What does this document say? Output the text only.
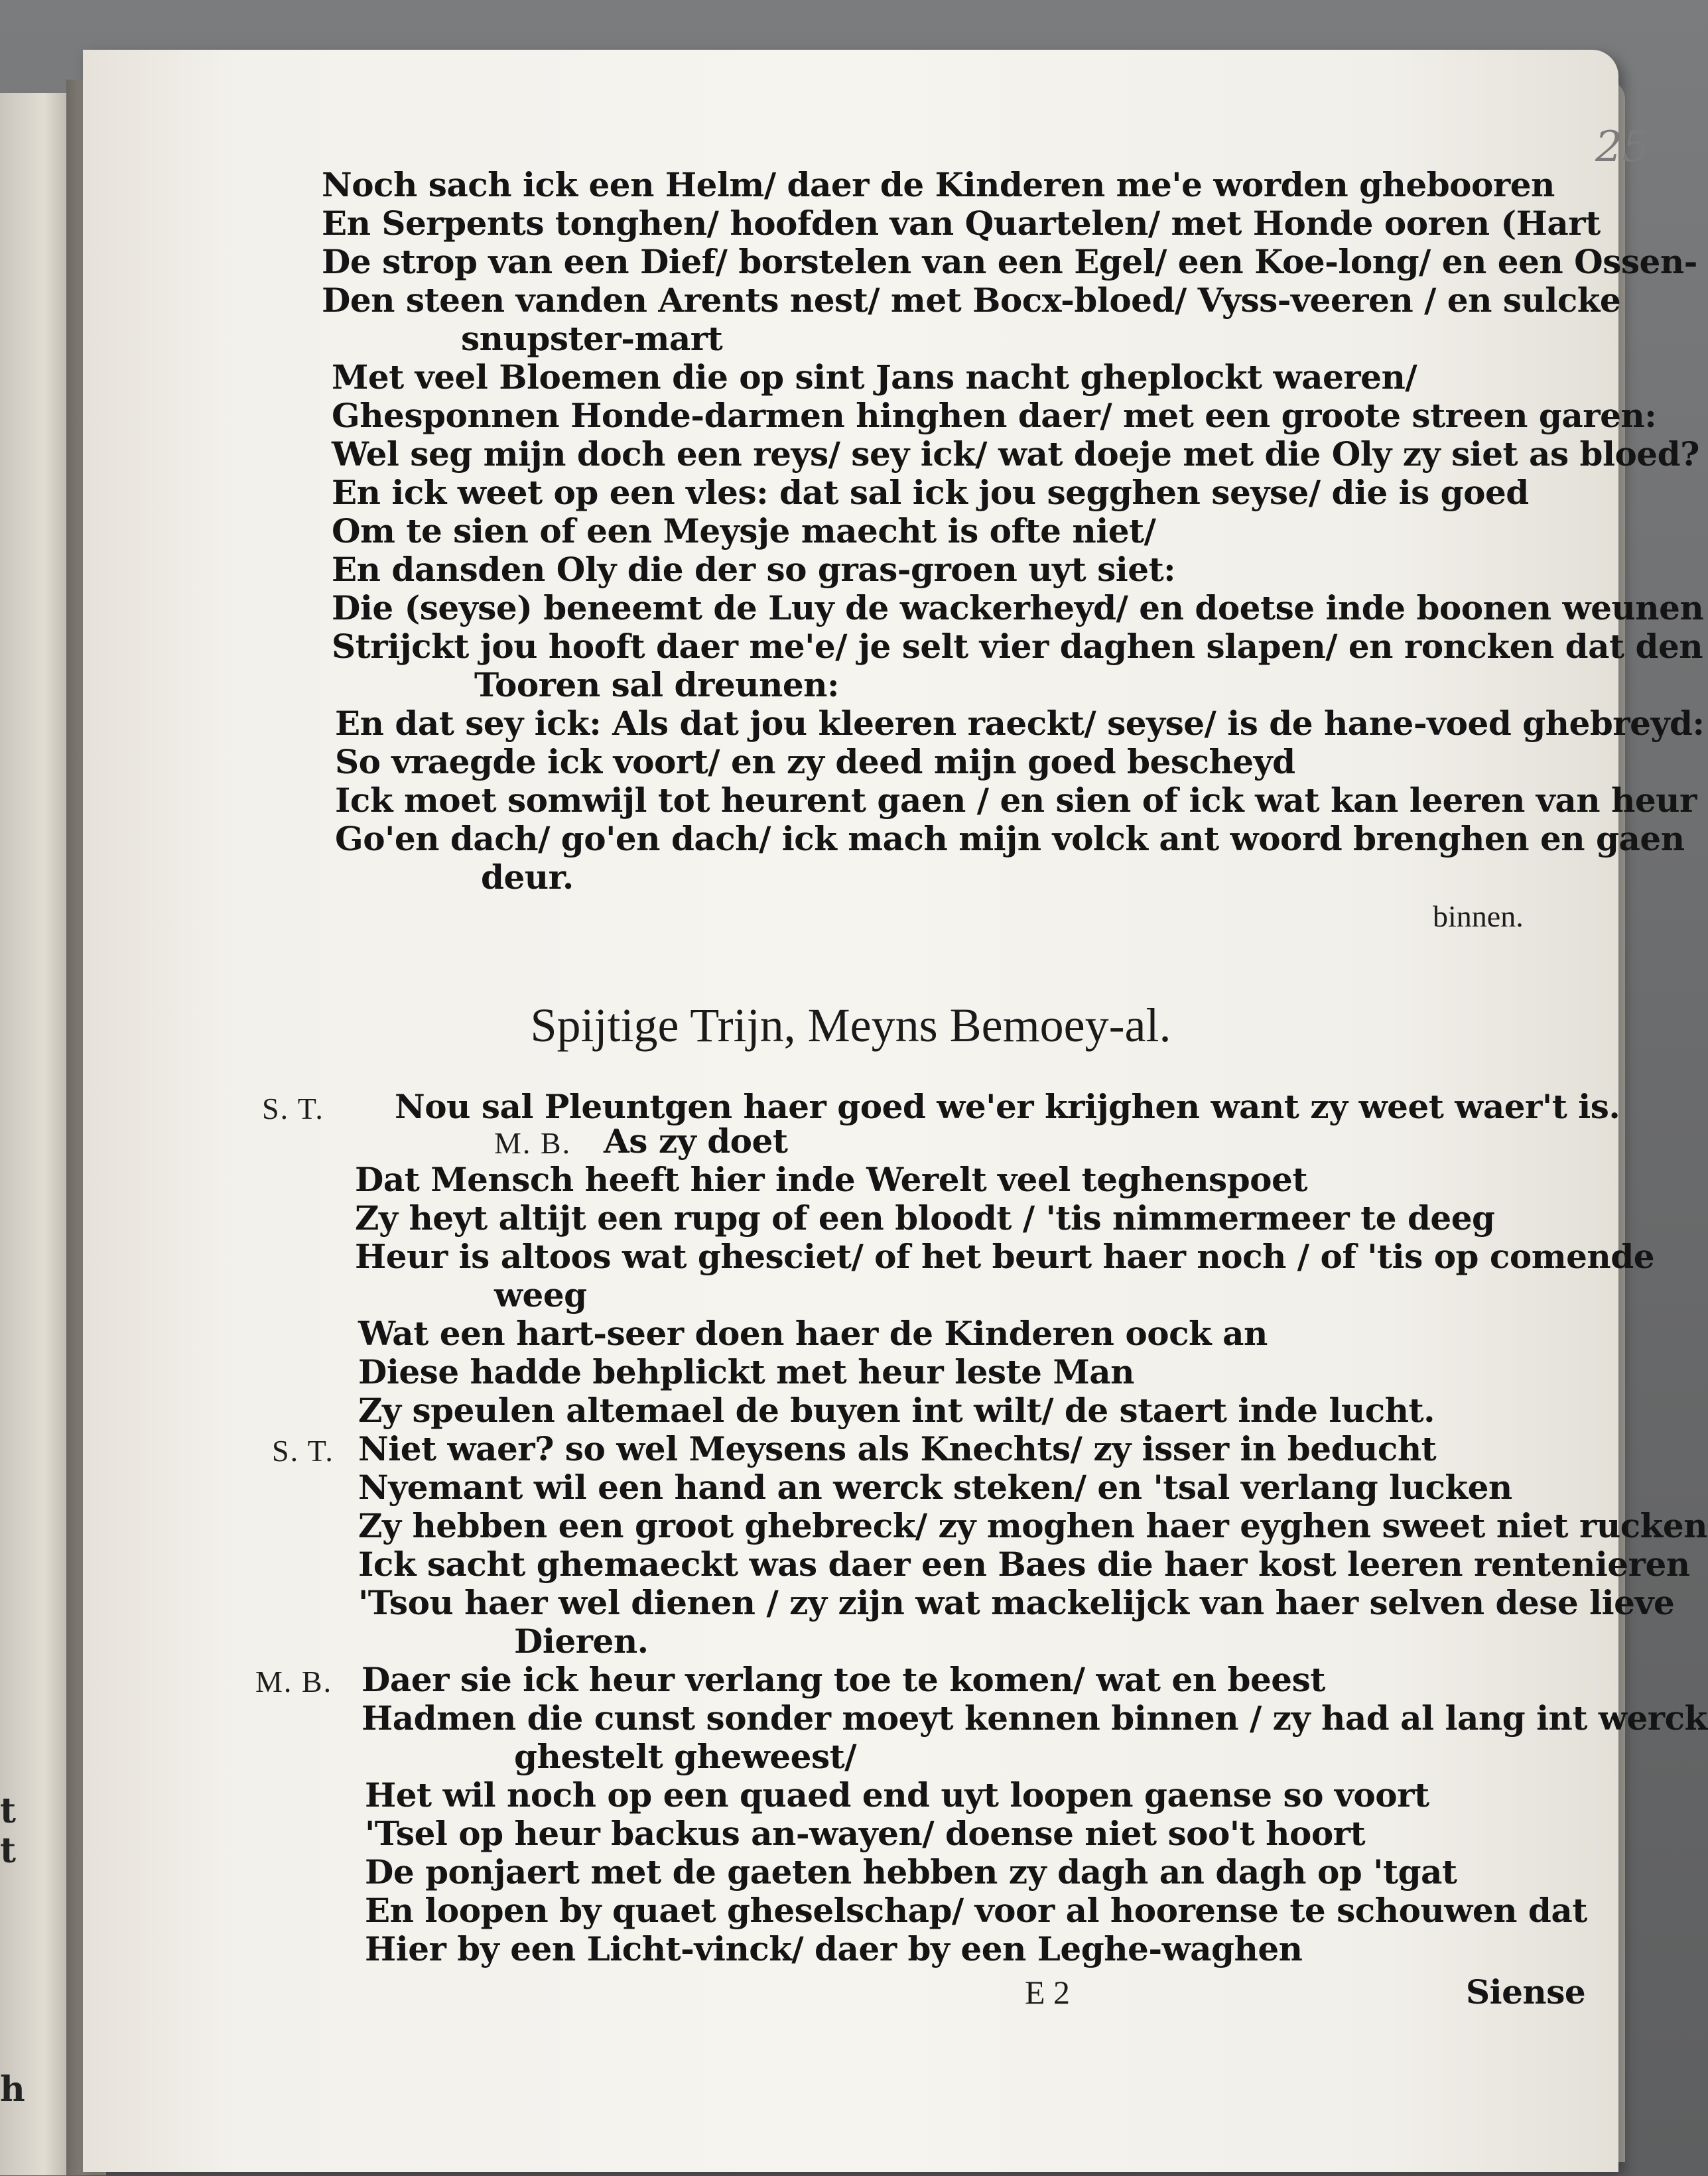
t
t
h
25
Noch sach ick een Helm/ daer de Kinderen me'e worden ghebooren
En Serpents tonghen/ hoofden van Quartelen/ met Honde ooren (Hart
De strop van een Dief/ borstelen van een Egel/ een Koe-long/ en een Ossen-
Den steen vanden Arents nest/ met Bocx-bloed/ Vyss-veeren / en sulcke
snupster-mart
Met veel Bloemen die op sint Jans nacht gheplockt waeren/
Ghesponnen Honde-darmen hinghen daer/ met een groote streen garen:
Wel seg mijn doch een reys/ sey ick/ wat doeje met die Oly zy siet as bloed?
En ick weet op een vles: dat sal ick jou segghen seyse/ die is goed
Om te sien of een Meysje maecht is ofte niet/
En dansden Oly die der so gras-groen uyt siet:
Die (seyse) beneemt de Luy de wackerheyd/ en doetse inde boonen weunen
Strijckt jou hooft daer me'e/ je selt vier daghen slapen/ en roncken dat den
Tooren sal dreunen:
En dat sey ick: Als dat jou kleeren raeckt/ seyse/ is de hane-voed ghebreyd:
So vraegde ick voort/ en zy deed mijn goed bescheyd
Ick moet somwijl tot heurent gaen / en sien of ick wat kan leeren van heur
Go'en dach/ go'en dach/ ick mach mijn volck ant woord brenghen en gaen
deur.
binnen.
Spijtige Trijn, Meyns Bemoey-al.
S. T. Nou sal Pleuntgen haer goed we'er krijghen want zy weet waer't is.
M. B. As zy doet
Dat Mensch heeft hier inde Werelt veel teghenspoet
Zy heyt altijt een rupg of een bloodt / 'tis nimmermeer te deeg
Heur is altoos wat ghesciet/ of het beurt haer noch / of 'tis op comende
weeg
Wat een hart-seer doen haer de Kinderen oock an
Diese hadde behplickt met heur leste Man
Zy speulen altemael de buyen int wilt/ de staert inde lucht.
S. T. Niet waer? so wel Meysens als Knechts/ zy isser in beducht
Nyemant wil een hand an werck steken/ en 'tsal verlang lucken
Zy hebben een groot ghebreck/ zy moghen haer eyghen sweet niet rucken
Ick sacht ghemaeckt was daer een Baes die haer kost leeren rentenieren
'Tsou haer wel dienen / zy zijn wat mackelijck van haer selven dese lieve
Dieren.
M. B. Daer sie ick heur verlang toe te komen/ wat en beest
Hadmen die cunst sonder moeyt kennen binnen / zy had al lang int werck
ghestelt gheweest/
Het wil noch op een quaed end uyt loopen gaense so voort
'Tsel op heur backus an-wayen/ doense niet soo't hoort
De ponjaert met de gaeten hebben zy dagh an dagh op 'tgat
En loopen by quaet gheselschap/ voor al hoorense te schouwen dat
Hier by een Licht-vinck/ daer by een Leghe-waghen
E 2	Siense
